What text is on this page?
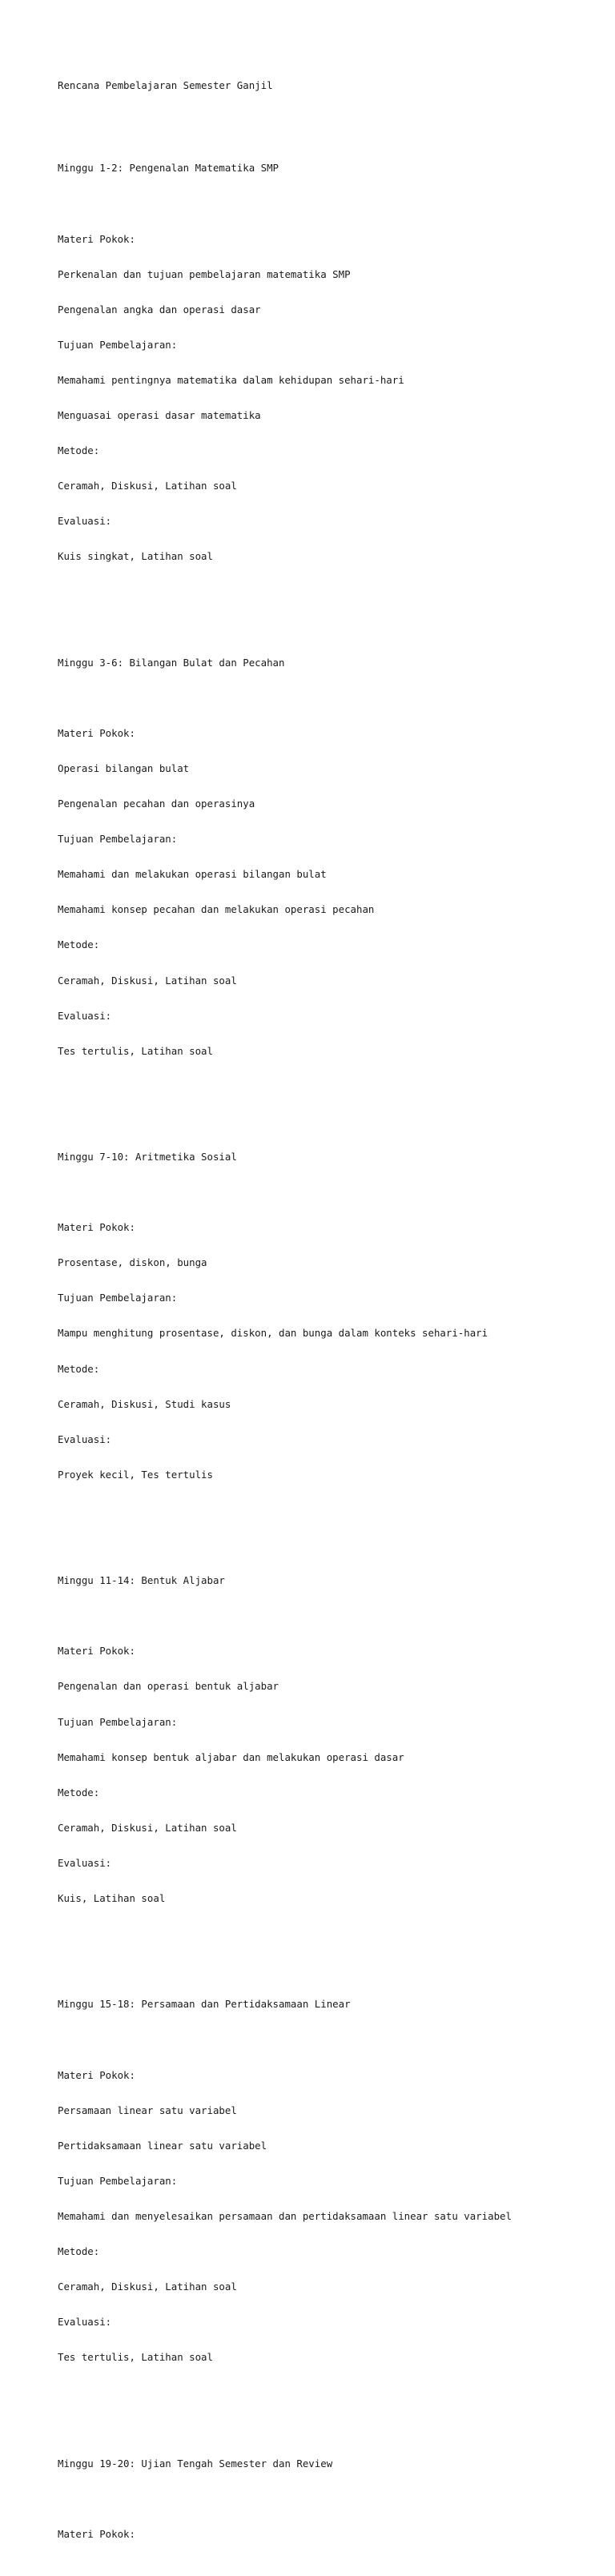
Rencana Pembelajaran Semester Ganjil

Minggu 1-2: Pengenalan Matematika SMP

Materi Pokok:

Perkenalan dan tujuan pembelajaran matematika SMP

Pengenalan angka dan operasi dasar

Tujuan Pembelajaran:

Memahami pentingnya matematika dalam kehidupan sehari-hari

Menguasai operasi dasar matematika

Metode:

Ceramah, Diskusi, Latihan soal

Evaluasi:

Kuis singkat, Latihan soal

Minggu 3-6: Bilangan Bulat dan Pecahan

Materi Pokok:

Operasi bilangan bulat

Pengenalan pecahan dan operasinya

Tujuan Pembelajaran:

Memahami dan melakukan operasi bilangan bulat

Memahami konsep pecahan dan melakukan operasi pecahan

Metode:

Ceramah, Diskusi, Latihan soal

Evaluasi:

Tes tertulis, Latihan soal

Minggu 7-10: Aritmetika Sosial

Materi Pokok:

Prosentase, diskon, bunga

Tujuan Pembelajaran:

Mampu menghitung prosentase, diskon, dan bunga dalam konteks sehari-hari

Metode:

Ceramah, Diskusi, Studi kasus

Evaluasi:

Proyek kecil, Tes tertulis

Minggu 11-14: Bentuk Aljabar

Materi Pokok:

Pengenalan dan operasi bentuk aljabar

Tujuan Pembelajaran:

Memahami konsep bentuk aljabar dan melakukan operasi dasar

Metode:

Ceramah, Diskusi, Latihan soal

Evaluasi:

Kuis, Latihan soal

Minggu 15-18: Persamaan dan Pertidaksamaan Linear

Materi Pokok:

Persamaan linear satu variabel

Pertidaksamaan linear satu variabel

Tujuan Pembelajaran:

Memahami dan menyelesaikan persamaan dan pertidaksamaan linear satu variabel

Metode:

Ceramah, Diskusi, Latihan soal

Evaluasi:

Tes tertulis, Latihan soal

Minggu 19-20: Ujian Tengah Semester dan Review

Materi Pokok:
